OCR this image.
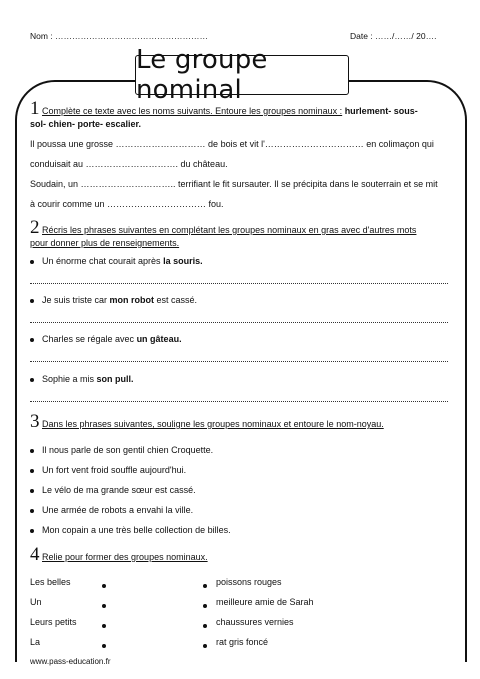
Nom : ………………………………………………	Date : ……/……/ 20….
Le groupe nominal
1 Complète ce texte avec les noms suivants. Entoure les groupes nominaux : hurlement- sous-
sol- chien- porte- escalier.
Il poussa une grosse ………………………… de bois et vit l'…………………………… en colimaçon qui
conduisait au …………………………. du château.
Soudain, un ………………………….. terrifiant le fit sursauter. Il se précipita dans le souterrain et se mit
à courir comme un …………………………… fou.
2 Récris les phrases suivantes en complétant les groupes nominaux en gras avec d'autres mots
pour donner plus de renseignements.
Un énorme chat courait après la souris.
Je suis triste car mon robot est cassé.
Charles se régale avec un gâteau.
Sophie a mis son pull.
3 Dans les phrases suivantes, souligne les groupes nominaux et entoure le nom-noyau.
Il nous parle de son gentil chien Croquette.
Un fort vent froid souffle aujourd'hui.
Le vélo de ma grande sœur est cassé.
Une armée de robots a envahi la ville.
Mon copain a une très belle collection de billes.
4 Relie pour former des groupes nominaux.
Les belles
Un
Leurs petits
La
poissons rouges
meilleure amie de Sarah
chaussures vernies
rat gris foncé
www.pass-education.fr
